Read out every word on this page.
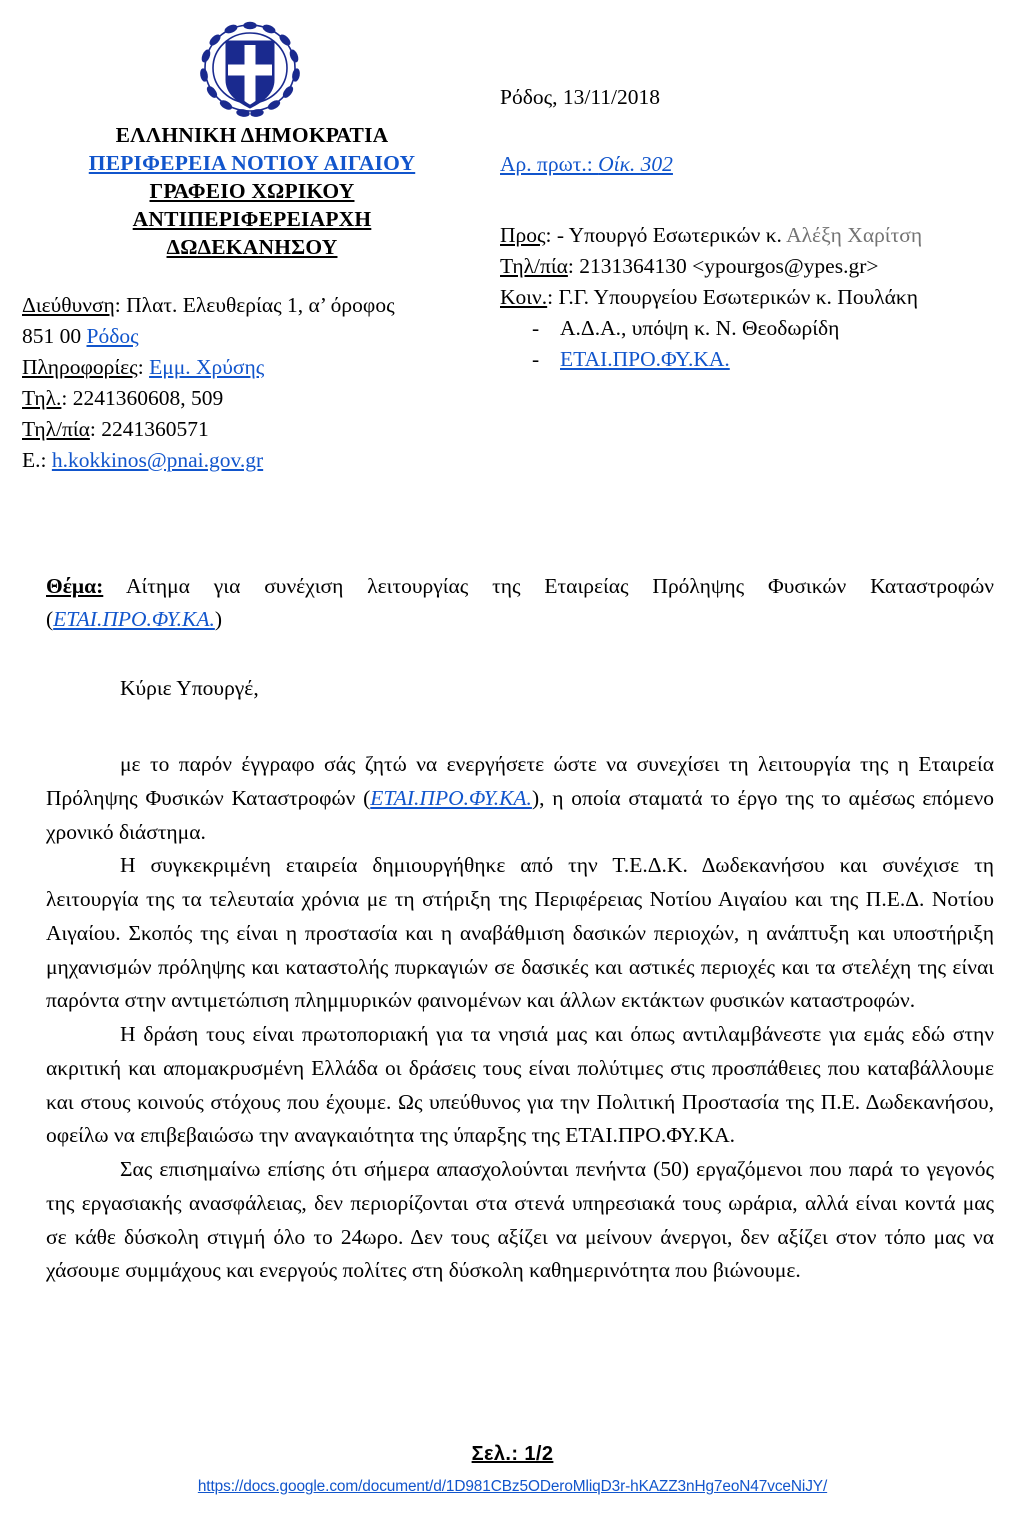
ΕΛΛΗΝΙΚΗ ΔΗΜΟΚΡΑΤΙΑ
ΠΕΡΙΦΕΡΕΙΑ ΝΟΤΙΟΥ ΑΙΓΑΙΟΥ
ΓΡΑΦΕΙΟ ΧΩΡΙΚΟΥ
ΑΝΤΙΠΕΡΙΦΕΡΕΙΑΡΧΗ
ΔΩΔΕΚΑΝΗΣΟΥ
Διεύθυνση: Πλατ. Ελευθερίας 1, α’ όροφος
851 00 Ρόδος
Πληροφορίες: Εμμ. Χρύσης
Τηλ.: 2241360608, 509
Τηλ/πία: 2241360571
E.: h.kokkinos@pnai.gov.gr
Ρόδος, 13/11/2018
Αρ. πρωτ.: Οίκ. 302
Προς: - Υπουργό Εσωτερικών κ. Αλέξη Χαρίτση
Τηλ/πία: 2131364130 <ypourgos@ypes.gr>
Κοιν.: Γ.Γ. Υπουργείου Εσωτερικών κ. Πουλάκη
- Α.Δ.Α., υπόψη κ. Ν. Θεοδωρίδη
- ΕΤΑΙ.ΠΡΟ.ΦΥ.ΚΑ.
Θέμα: Αίτημα για συνέχιση λειτουργίας της Εταιρείας Πρόληψης Φυσικών Καταστροφών (ΕΤΑΙ.ΠΡΟ.ΦΥ.ΚΑ.)
Κύριε Υπουργέ,

με το παρόν έγγραφο σάς ζητώ να ενεργήσετε ώστε να συνεχίσει τη λειτουργία της η Εταιρεία Πρόληψης Φυσικών Καταστροφών (ΕΤΑΙ.ΠΡΟ.ΦΥ.ΚΑ.), η οποία σταματά το έργο της το αμέσως επόμενο χρονικό διάστημα.

Η συγκεκριμένη εταιρεία δημιουργήθηκε από την Τ.Ε.Δ.Κ. Δωδεκανήσου και συνέχισε τη λειτουργία της τα τελευταία χρόνια με τη στήριξη της Περιφέρειας Νοτίου Αιγαίου και της Π.Ε.Δ. Νοτίου Αιγαίου. Σκοπός της είναι η προστασία και η αναβάθμιση δασικών περιοχών, η ανάπτυξη και υποστήριξη μηχανισμών πρόληψης και καταστολής πυρκαγιών σε δασικές και αστικές περιοχές και τα στελέχη της είναι παρόντα στην αντιμετώπιση πλημμυρικών φαινομένων και άλλων εκτάκτων φυσικών καταστροφών.

Η δράση τους είναι πρωτοποριακή για τα νησιά μας και όπως αντιλαμβάνεστε για εμάς εδώ στην ακριτική και απομακρυσμένη Ελλάδα οι δράσεις τους είναι πολύτιμες στις προσπάθειες που καταβάλλουμε και στους κοινούς στόχους που έχουμε. Ως υπεύθυνος για την Πολιτική Προστασία της Π.Ε. Δωδεκανήσου, οφείλω να επιβεβαιώσω την αναγκαιότητα της ύπαρξης της ΕΤΑΙ.ΠΡΟ.ΦΥ.ΚΑ.

Σας επισημαίνω επίσης ότι σήμερα απασχολούνται πενήντα (50) εργαζόμενοι που παρά το γεγονός της εργασιακής ανασφάλειας, δεν περιορίζονται στα στενά υπηρεσιακά τους ωράρια, αλλά είναι κοντά μας σε κάθε δύσκολη στιγμή όλο το 24ωρο. Δεν τους αξίζει να μείνουν άνεργοι, δεν αξίζει στον τόπο μας να χάσουμε συμμάχους και ενεργούς πολίτες στη δύσκολη καθημερινότητα που βιώνουμε.

Σελ.: 1/2
https://docs.google.com/document/d/1D981CBz5ODeroMliqD3r-hKAZZ3nHg7eoN47vceNiJY/
